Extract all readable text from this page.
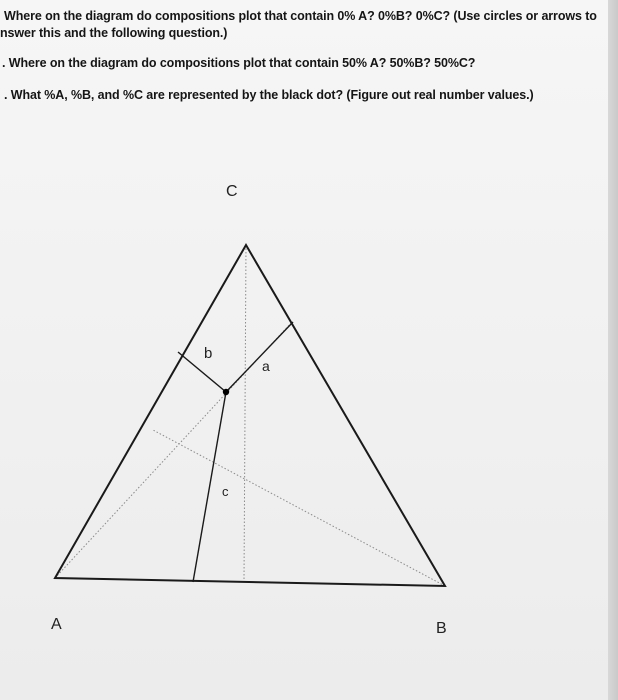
Where on the diagram do compositions plot that contain 0% A? 0%B? 0%C? (Use circles or arrows to
nswer this and the following question.)
. Where on the diagram do compositions plot that contain 50% A? 50%B? 50%C?
. What %A, %B, and %C are represented by the black dot? (Figure out real number values.)
C
A	B
b
a
c
